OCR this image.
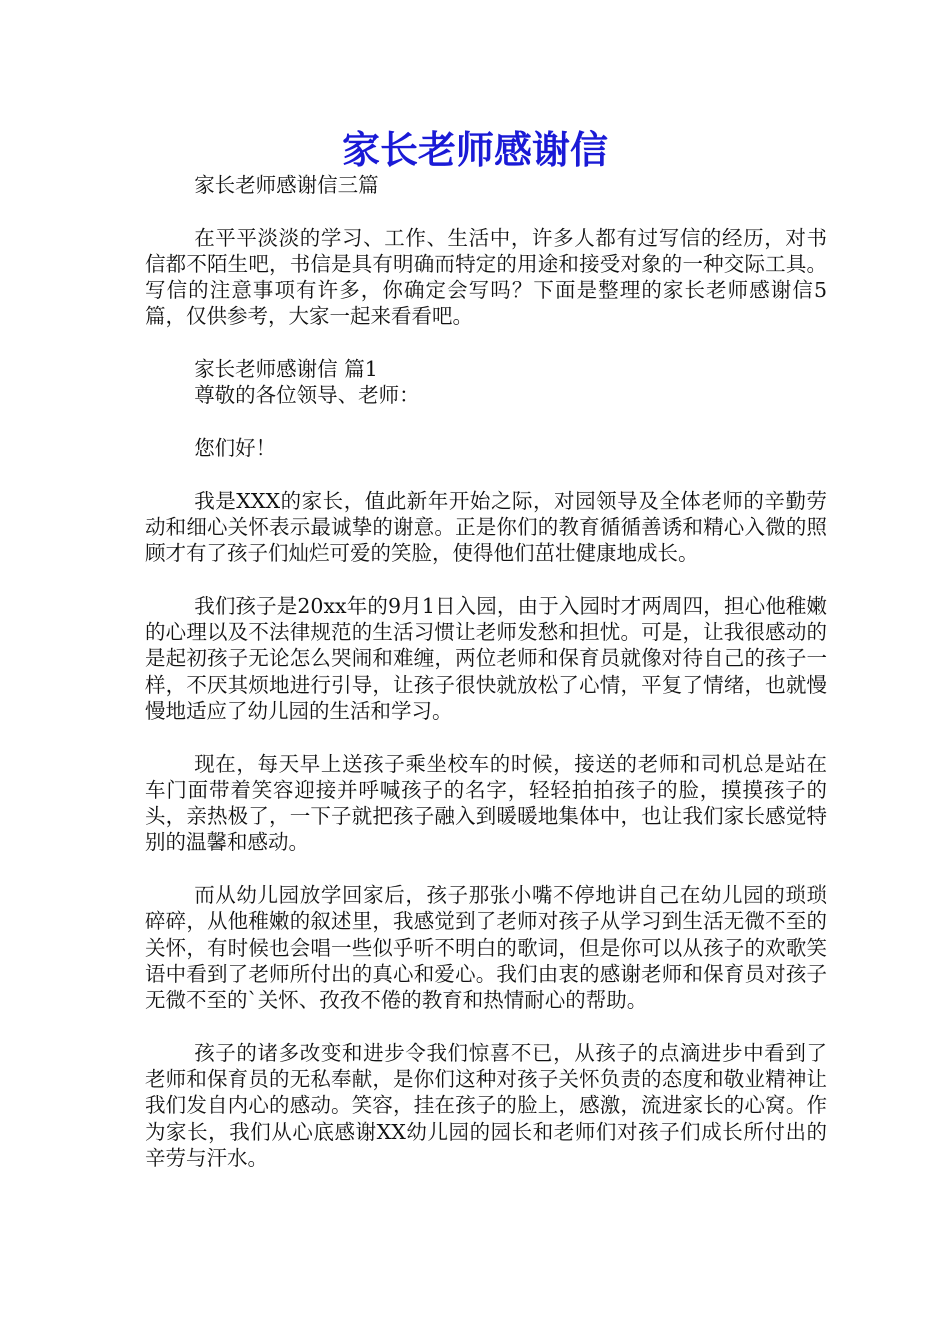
家长老师感谢信

家长老师感谢信三篇

在平平淡淡的学习、工作、生活中，许多人都有过写信的经历，对书信都不陌生吧，书信是具有明确而特定的用途和接受对象的一种交际工具。写信的注意事项有许多，你确定会写吗？下面是整理的家长老师感谢信5篇，仅供参考，大家一起来看看吧。

家长老师感谢信 篇1

尊敬的各位领导、老师：

您们好！

我是XXX的家长，值此新年开始之际，对园领导及全体老师的辛勤劳动和细心关怀表示最诚挚的谢意。正是你们的教育循循善诱和精心入微的照顾才有了孩子们灿烂可爱的笑脸，使得他们茁壮健康地成长。

我们孩子是20xx年的9月1日入园，由于入园时才两周四，担心他稚嫩的心理以及不法律规范的生活习惯让老师发愁和担忧。可是，让我很感动的是起初孩子无论怎么哭闹和难缠，两位老师和保育员就像对待自己的孩子一样，不厌其烦地进行引导，让孩子很快就放松了心情，平复了情绪，也就慢慢地适应了幼儿园的生活和学习。

现在，每天早上送孩子乘坐校车的时候，接送的老师和司机总是站在车门面带着笑容迎接并呼喊孩子的名字，轻轻拍拍孩子的脸，摸摸孩子的头，亲热极了，一下子就把孩子融入到暖暖地集体中，也让我们家长感觉特别的温馨和感动。

而从幼儿园放学回家后，孩子那张小嘴不停地讲自己在幼儿园的琐琐碎碎，从他稚嫩的叙述里，我感觉到了老师对孩子从学习到生活无微不至的关怀，有时候也会唱一些似乎听不明白的歌词，但是你可以从孩子的欢歌笑语中看到了老师所付出的真心和爱心。我们由衷的感谢老师和保育员对孩子无微不至的`关怀、孜孜不倦的教育和热情耐心的帮助。

孩子的诸多改变和进步令我们惊喜不已，从孩子的点滴进步中看到了老师和保育员的无私奉献，是你们这种对孩子关怀负责的态度和敬业精神让我们发自内心的感动。笑容，挂在孩子的脸上，感激，流进家长的心窝。作为家长，我们从心底感谢XX幼儿园的园长和老师们对孩子们成长所付出的辛劳与汗水。
